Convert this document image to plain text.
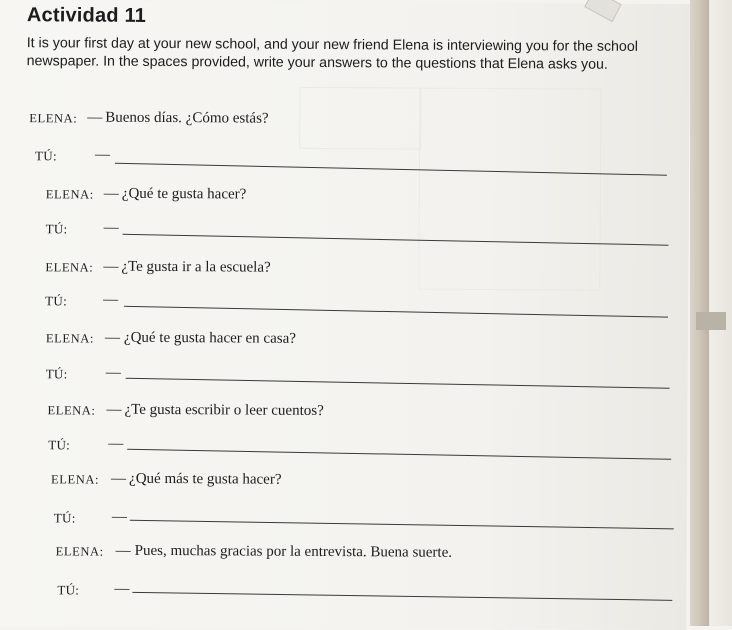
Actividad 11

It is your first day at your new school, and your new friend Elena is interviewing you for the school newspaper. In the spaces provided, write your answers to the questions that Elena asks you.

ELENA: — Buenos días. ¿Cómo estás?
TÚ:	—
ELENA: — ¿Qué te gusta hacer?
TÚ: —
ELENA: — ¿Te gusta ir a la escuela?
TÚ: —
ELENA: — ¿Qué te gusta hacer en casa?
TÚ:	—
ELENA: — ¿Te gusta escribir o leer cuentos?
TÚ:	—
ELENA: — ¿Qué más te gusta hacer?
TÚ: —
ELENA: — Pues, muchas gracias por la entrevista. Buena suerte.
TÚ: —
